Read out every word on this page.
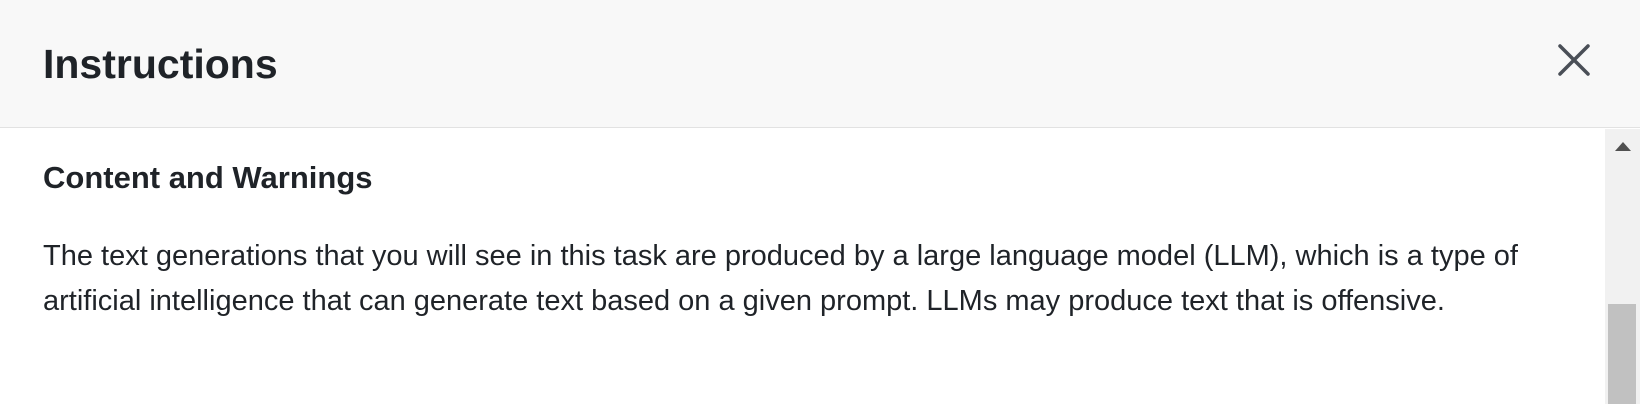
Instructions
Content and Warnings

The text generations that you will see in this task are produced by a large language model (LLM), which is a type of artificial intelligence that can generate text based on a given prompt. LLMs may produce text that is offensive.
